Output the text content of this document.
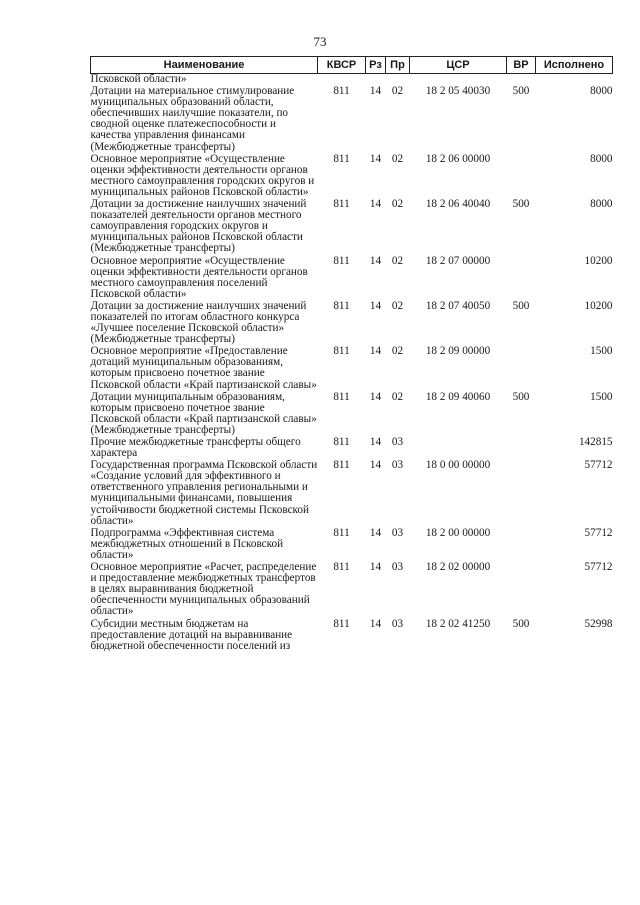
73
Наименование	КВСР	Рз	Пр	ЦСР	ВР	Исполнено
Псковской области»						
Дотации на материальное стимулирование муниципальных образований области, обеспечивших наилучшие показатели, по сводной оценке платежеспособности и качества управления финансами (Межбюджетные трансферты)	811	14	02	18 2 05 40030	500	8000
Основное мероприятие «Осуществление оценки эффективности деятельности органов местного самоуправления городских округов и муниципальных районов Псковской области»	811	14	02	18 2 06 00000		8000
Дотации за достижение наилучших значений показателей деятельности органов местного самоуправления городских округов и муниципальных районов Псковской области (Межбюджетные трансферты)	811	14	02	18 2 06 40040	500	8000
Основное мероприятие «Осуществление оценки эффективности деятельности органов местного самоуправления поселений Псковской области»	811	14	02	18 2 07 00000		10200
Дотации за достижение наилучших значений показателей по итогам областного конкурса «Лучшее поселение Псковской области» (Межбюджетные трансферты)	811	14	02	18 2 07 40050	500	10200
Основное мероприятие «Предоставление дотаций муниципальным образованиям, которым присвоено почетное звание Псковской области «Край партизанской славы»	811	14	02	18 2 09 00000		1500
Дотации муниципальным образованиям, которым присвоено почетное звание Псковской области «Край партизанской славы» (Межбюджетные трансферты)	811	14	02	18 2 09 40060	500	1500
Прочие межбюджетные трансферты общего характера	811	14	03			142815
Государственная программа Псковской области «Создание условий для эффективного и ответственного управления региональными и муниципальными финансами, повышения устойчивости бюджетной системы Псковской области»	811	14	03	18 0 00 00000		57712
Подпрограмма «Эффективная система межбюджетных отношений в Псковской области»	811	14	03	18 2 00 00000		57712
Основное мероприятие «Расчет, распределение и предоставление межбюджетных трансфертов в целях выравнивания бюджетной обеспеченности муниципальных образований области»	811	14	03	18 2 02 00000		57712
Субсидии местным бюджетам на предоставление дотаций на выравнивание бюджетной обеспеченности поселений из	811	14	03	18 2 02 41250	500	52998
